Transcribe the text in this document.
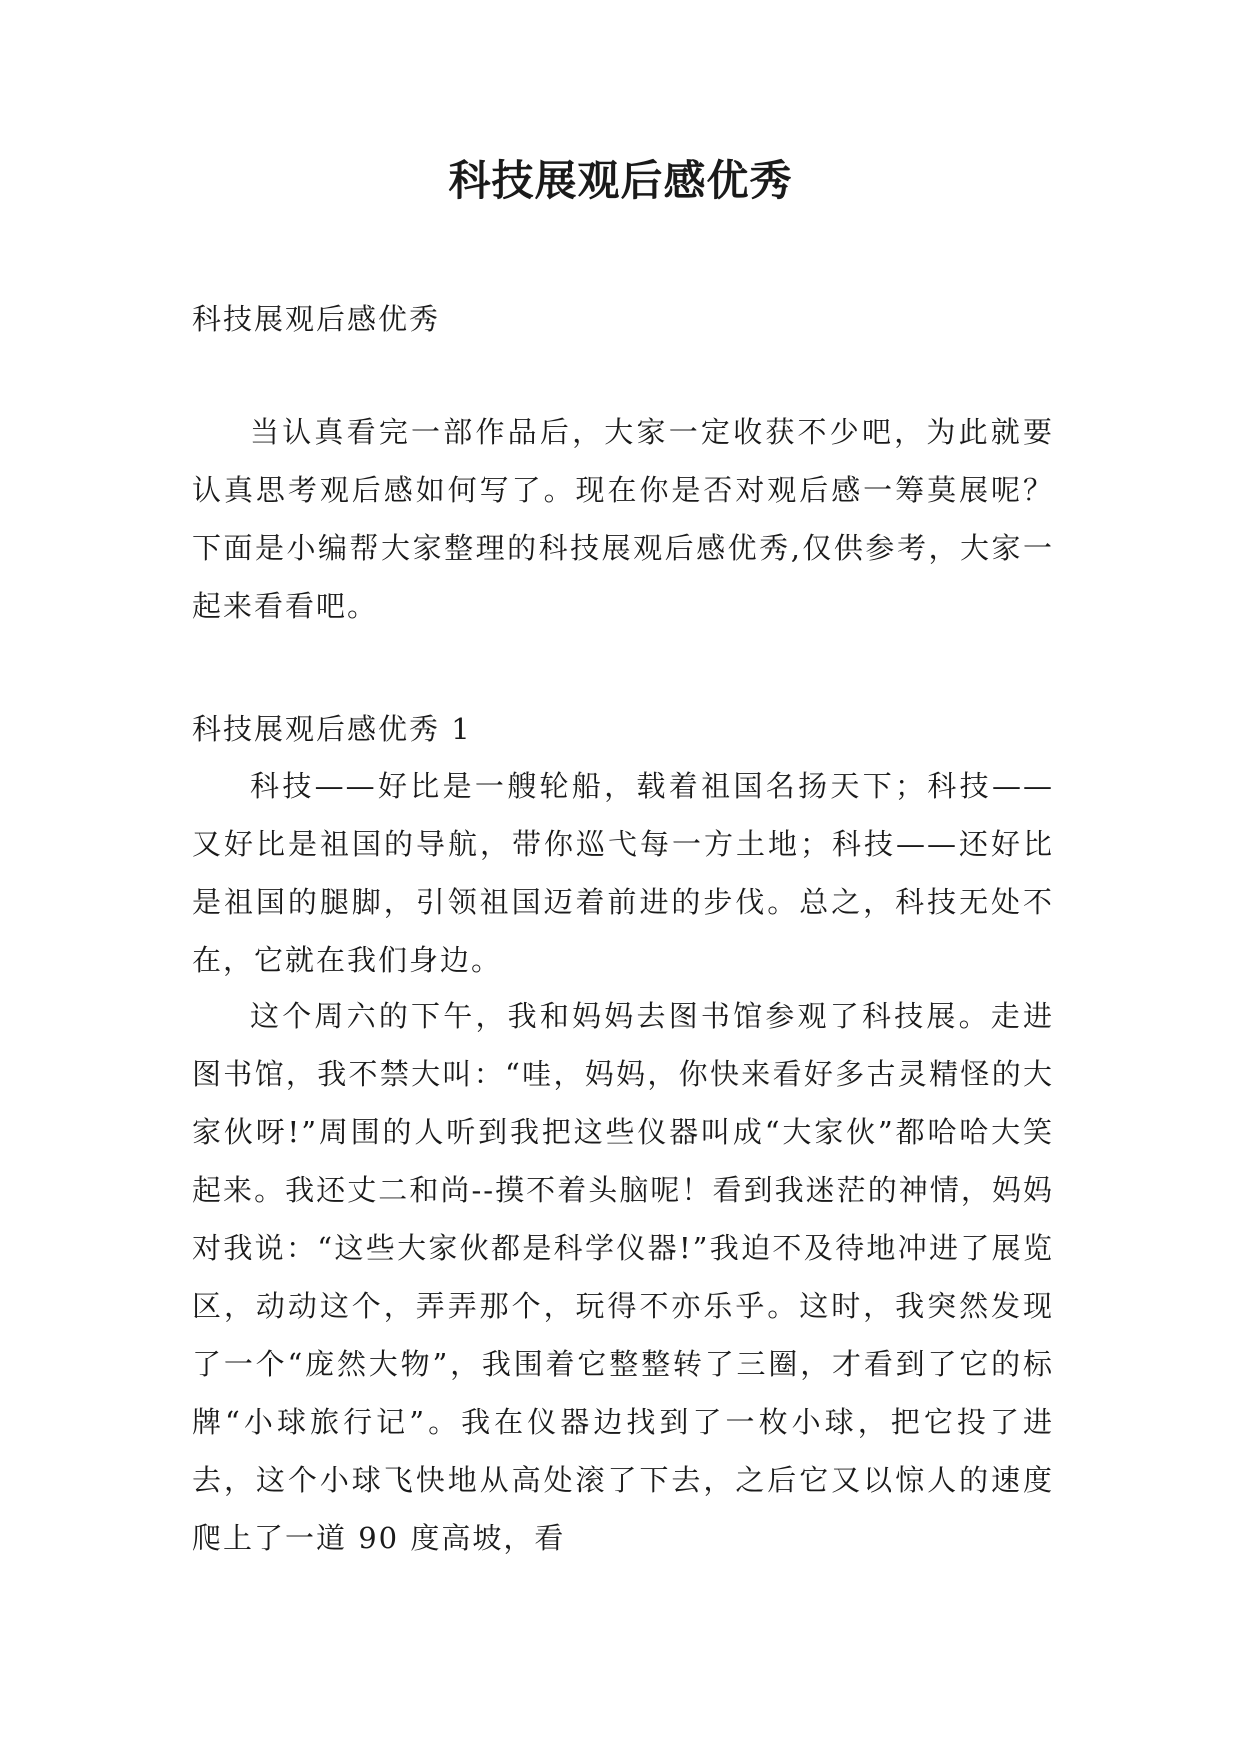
科技展观后感优秀
科技展观后感优秀
当认真看完一部作品后，大家一定收获不少吧，为此就要认真思考观后感如何写了。现在你是否对观后感一筹莫展呢？下面是小编帮大家整理的科技展观后感优秀,仅供参考，大家一起来看看吧。
科技展观后感优秀 1
科技——好比是一艘轮船，载着祖国名扬天下；科技——又好比是祖国的导航，带你巡弋每一方土地；科技——还好比是祖国的腿脚，引领祖国迈着前进的步伐。总之，科技无处不在，它就在我们身边。
这个周六的下午，我和妈妈去图书馆参观了科技展。走进图书馆，我不禁大叫：“哇，妈妈，你快来看好多古灵精怪的大家伙呀!”周围的人听到我把这些仪器叫成“大家伙”都哈哈大笑起来。我还丈二和尚--摸不着头脑呢！看到我迷茫的神情，妈妈对我说：“这些大家伙都是科学仪器!”我迫不及待地冲进了展览区，动动这个，弄弄那个，玩得不亦乐乎。这时，我突然发现了一个“庞然大物”，我围着它整整转了三圈，才看到了它的标牌“小球旅行记”。我在仪器边找到了一枚小球，把它投了进去，这个小球飞快地从高处滚了下去，之后它又以惊人的速度爬上了一道 90 度高坡，看
